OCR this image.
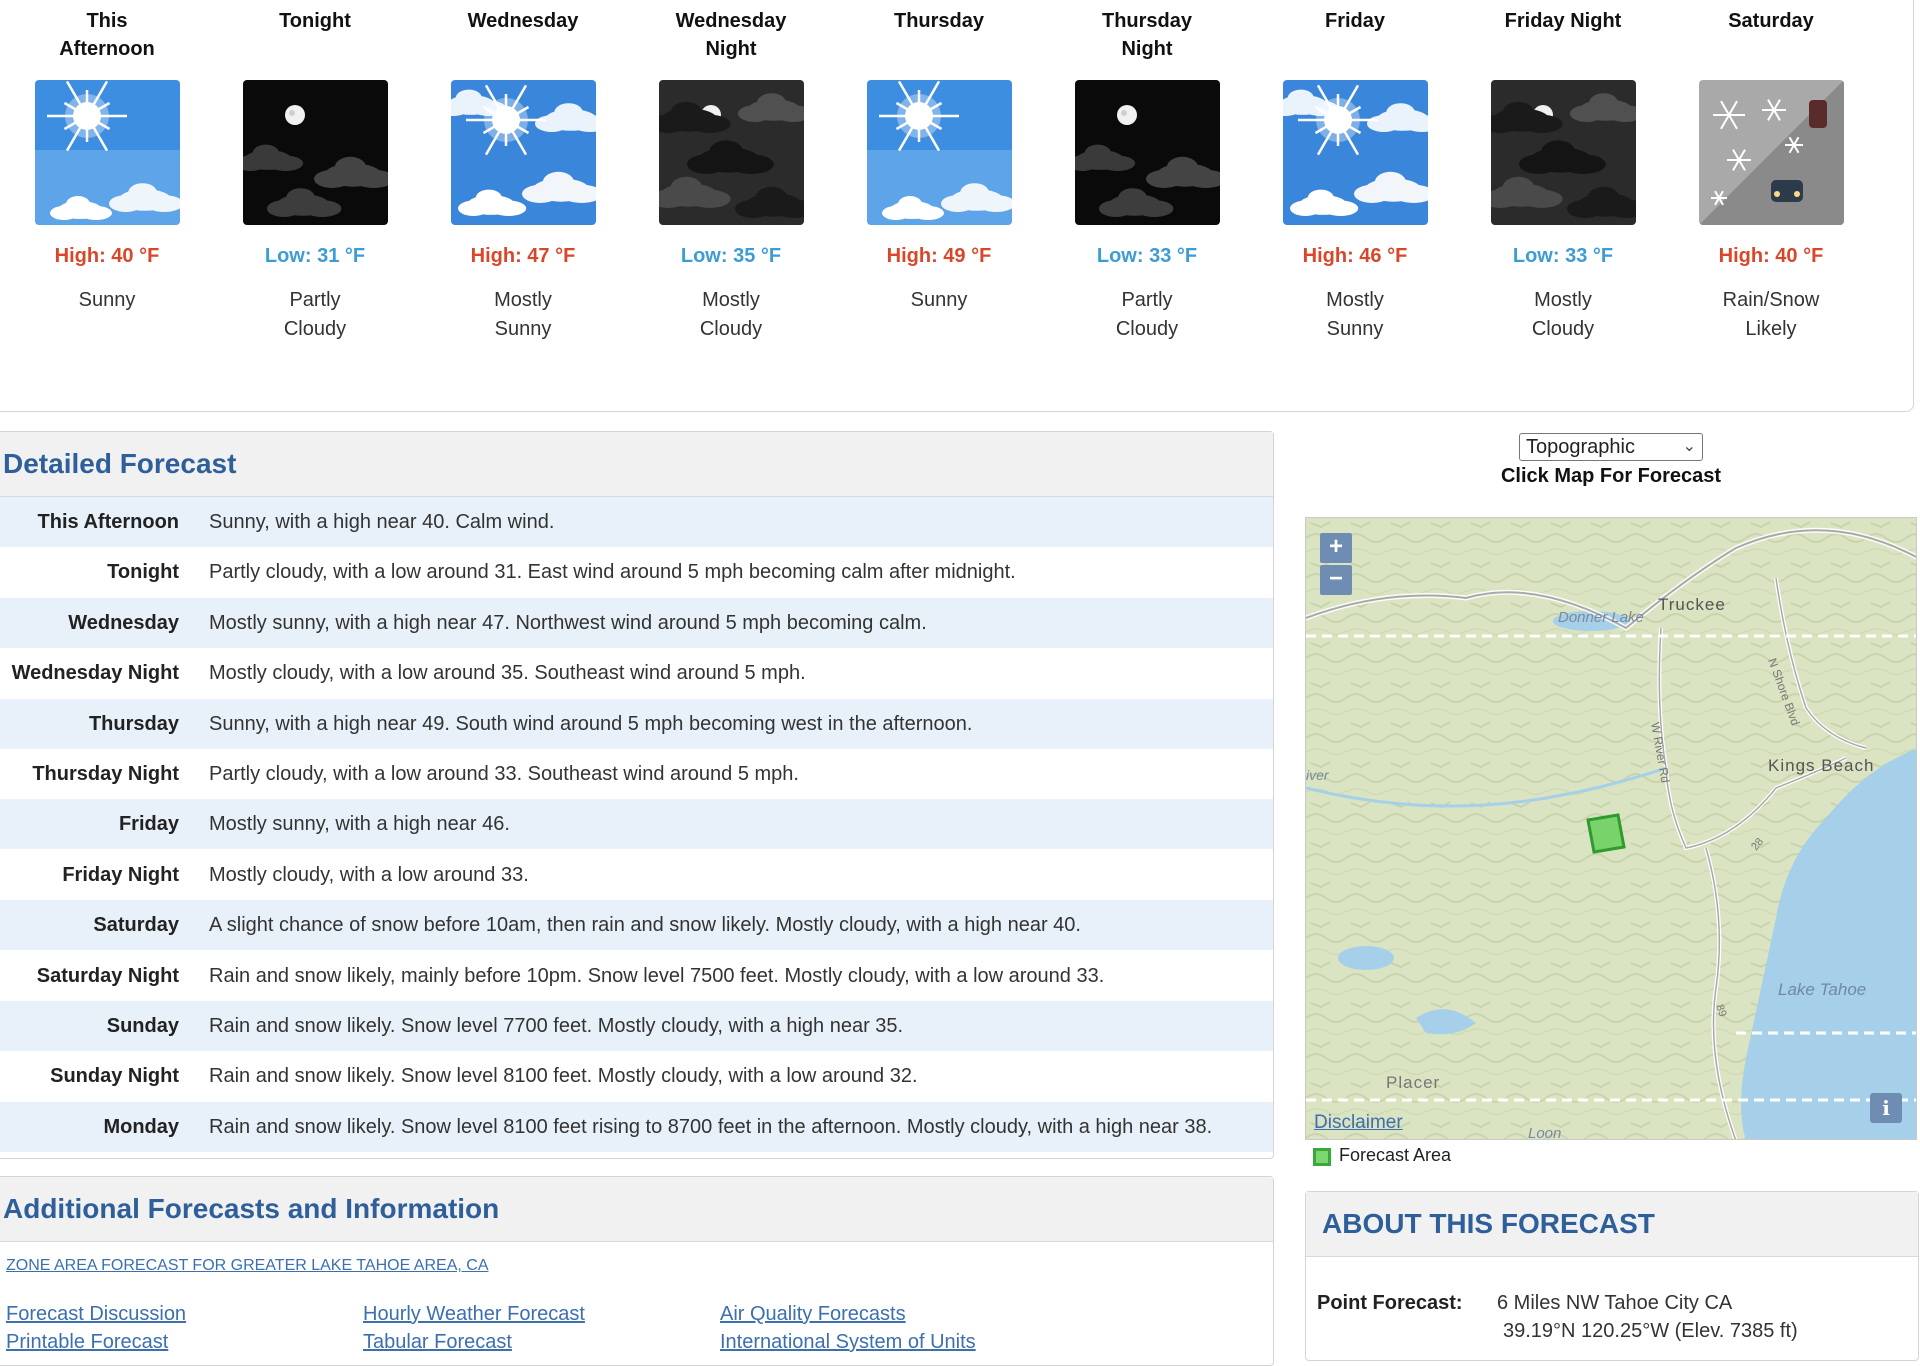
This Afternoon
High: 40 °F
Sunny
Tonight
Low: 31 °F
Partly Cloudy
Wednesday
High: 47 °F
Mostly Sunny
Wednesday Night
Low: 35 °F
Mostly Cloudy
Thursday
High: 49 °F
Sunny
Thursday Night
Low: 33 °F
Partly Cloudy
Friday
High: 46 °F
Mostly Sunny
Friday Night
Low: 33 °F
Mostly Cloudy
Saturday
High: 40 °F
Rain/Snow Likely
Detailed Forecast
This Afternoon Sunny, with a high near 40. Calm wind.
Tonight Partly cloudy, with a low around 31. East wind around 5 mph becoming calm after midnight.
Wednesday Mostly sunny, with a high near 47. Northwest wind around 5 mph becoming calm.
Wednesday Night Mostly cloudy, with a low around 35. Southeast wind around 5 mph.
Thursday Sunny, with a high near 49. South wind around 5 mph becoming west in the afternoon.
Thursday Night Partly cloudy, with a low around 33. Southeast wind around 5 mph.
Friday Mostly sunny, with a high near 46.
Friday Night Mostly cloudy, with a low around 33.
Saturday A slight chance of snow before 10am, then rain and snow likely. Mostly cloudy, with a high near 40.
Saturday Night Rain and snow likely, mainly before 10pm. Snow level 7500 feet. Mostly cloudy, with a low around 33.
Sunday Rain and snow likely. Snow level 7700 feet. Mostly cloudy, with a high near 35.
Sunday Night Rain and snow likely. Snow level 8100 feet. Mostly cloudy, with a low around 32.
Monday Rain and snow likely. Snow level 8100 feet rising to 8700 feet in the afternoon. Mostly cloudy, with a high near 38.
Additional Forecasts and Information
ZONE AREA FORECAST FOR GREATER LAKE TAHOE AREA, CA
Forecast Discussion
Printable Forecast
Hourly Weather Forecast
Tabular Forecast
Air Quality Forecasts
International System of Units
Topographic	⌄
Click Map For Forecast
Donner Lake
Truckee
Kings Beach
Lake Tahoe
Placer
iver	W River Rd
N Shore Blvd
28
89
Loon
+
−
Disclaimer
i
Forecast Area
ABOUT THIS FORECAST
Point Forecast: 6 Miles NW Tahoe City CA
39.19°N 120.25°W (Elev. 7385 ft)
